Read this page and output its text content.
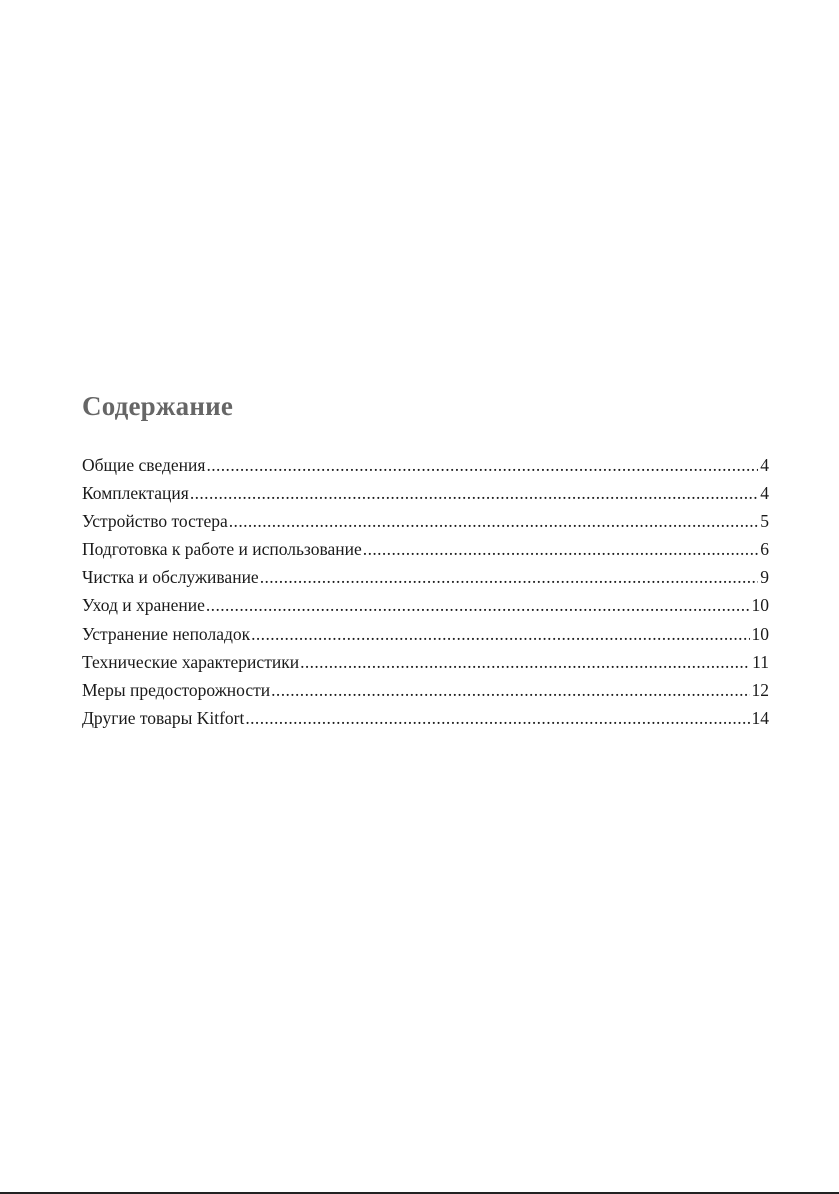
Содержание
Общие сведения .....	4
Комплектация .....	4
Устройство тостера .....	5
Подготовка к работе и использование .....	6
Чистка и обслуживание .....	9
Уход и хранение .....	10
Устранение неполадок .....	10
Технические характеристики .....	11
Меры предосторожности .....	12
Другие товары Kitfort .....	14
